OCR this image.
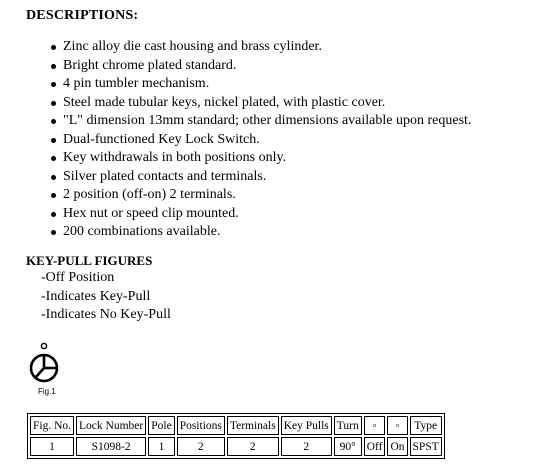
DESCRIPTIONS:
Zinc alloy die cast housing and brass cylinder.
Bright chrome plated standard.
4 pin tumbler mechanism.
Steel made tubular keys, nickel plated, with plastic cover.
"L" dimension 13mm standard; other dimensions available upon request.
Dual-functioned Key Lock Switch.
Key withdrawals in both positions only.
Silver plated contacts and terminals.
2 position (off-on) 2 terminals.
Hex nut or speed clip mounted.
200 combinations available.
KEY-PULL FIGURES
-Off Position
-Indicates Key-Pull
-Indicates No Key-Pull
Fig.1
Fig. No.	Lock Number	Pole	Positions	Terminals	Key Pulls	Turn	¤	¤	Type
1	S1098-2	1	2	2	2	90°	Off	On	SPST
